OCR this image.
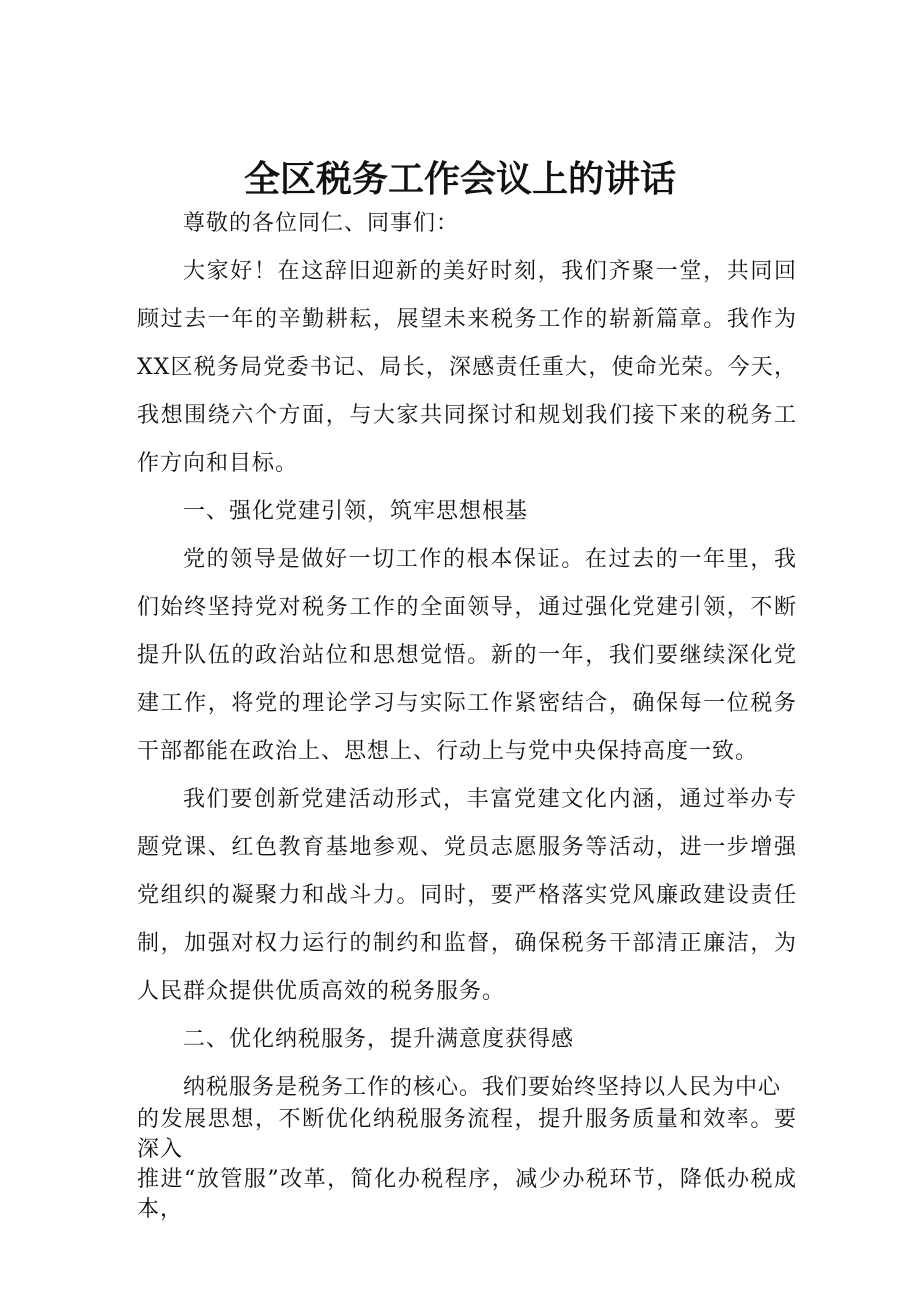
全区税务工作会议上的讲话

尊敬的各位同仁、同事们：

大家好！在这辞旧迎新的美好时刻，我们齐聚一堂，共同回顾过去一年的辛勤耕耘，展望未来税务工作的崭新篇章。我作为XX区税务局党委书记、局长，深感责任重大，使命光荣。今天，我想围绕六个方面，与大家共同探讨和规划我们接下来的税务工作方向和目标。

一、强化党建引领，筑牢思想根基

党的领导是做好一切工作的根本保证。在过去的一年里，我们始终坚持党对税务工作的全面领导，通过强化党建引领，不断提升队伍的政治站位和思想觉悟。新的一年，我们要继续深化党建工作，将党的理论学习与实际工作紧密结合，确保每一位税务干部都能在政治上、思想上、行动上与党中央保持高度一致。

我们要创新党建活动形式，丰富党建文化内涵，通过举办专题党课、红色教育基地参观、党员志愿服务等活动，进一步增强党组织的凝聚力和战斗力。同时，要严格落实党风廉政建设责任制，加强对权力运行的制约和监督，确保税务干部清正廉洁，为人民群众提供优质高效的税务服务。

二、优化纳税服务，提升满意度获得感

纳税服务是税务工作的核心。我们要始终坚持以人民为中心

的发展思想，不断优化纳税服务流程，提升服务质量和效率。要深入
推进“放管服”改革，简化办税程序，减少办税环节，降低办税成本，
